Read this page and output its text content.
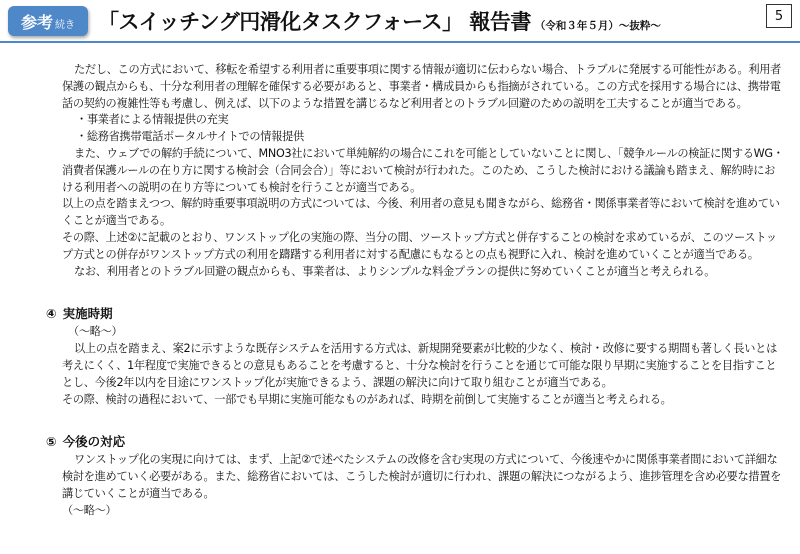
参考 続き 「スイッチング円滑化タスクフォース」 報告書 （令和３年５月）～抜粋～
5

ただし、この方式において、移転を希望する利用者に重要事項に関する情報が適切に伝わらない場合、トラブルに発展する可能性がある。利用者保護の観点からも、十分な利用者の理解を確保する必要があると、事業者・構成員からも指摘がされている。この方式を採用する場合には、携帯電話の契約の複雑性等も考慮し、例えば、以下のような措置を講じるなど利用者とのトラブル回避のための説明を工夫することが適当である。

・事業者による情報提供の充実

・総務省携帯電話ポータルサイトでの情報提供

また、ウェブでの解約手続について、MNO3社において単純解約の場合にこれを可能としていないことに関し、「競争ルールの検証に関するWG・消費者保護ルールの在り方に関する検討会（合同会合）」等において検討が行われた。このため、こうした検討における議論も踏まえ、解約時における利用者への説明の在り方等についても検討を行うことが適当である。

以上の点を踏まえつつ、解約時重要事項説明の方式については、今後、利用者の意見も聞きながら、総務省・関係事業者等において検討を進めていくことが適当である。

その際、上述②に記載のとおり、ワンストップ化の実施の際、当分の間、ツーストップ方式と併存することの検討を求めているが、このツーストップ方式との併存がワンストップ方式の利用を躊躇する利用者に対する配慮にもなるとの点も視野に入れ、検討を進めていくことが適当である。

なお、利用者とのトラブル回避の観点からも、事業者は、よりシンプルな料金プランの提供に努めていくことが適当と考えられる。

④ 実施時期

（～略～）

以上の点を踏まえ、案2に示すような既存システムを活用する方式は、新規開発要素が比較的少なく、検討・改修に要する期間も著しく長いとは考えにくく、1年程度で実施できるとの意見もあることを考慮すると、十分な検討を行うことを通じて可能な限り早期に実施することを目指すこととし、今後2年以内を目途にワンストップ化が実施できるよう、課題の解決に向けて取り組むことが適当である。

その際、検討の過程において、一部でも早期に実施可能なものがあれば、時期を前倒して実施することが適当と考えられる。

⑤ 今後の対応

ワンストップ化の実現に向けては、まず、上記②で述べたシステムの改修を含む実現の方式について、今後速やかに関係事業者間において詳細な検討を進めていく必要がある。また、総務省においては、こうした検討が適切に行われ、課題の解決につながるよう、進捗管理を含め必要な措置を講じていくことが適当である。

（～略～）
